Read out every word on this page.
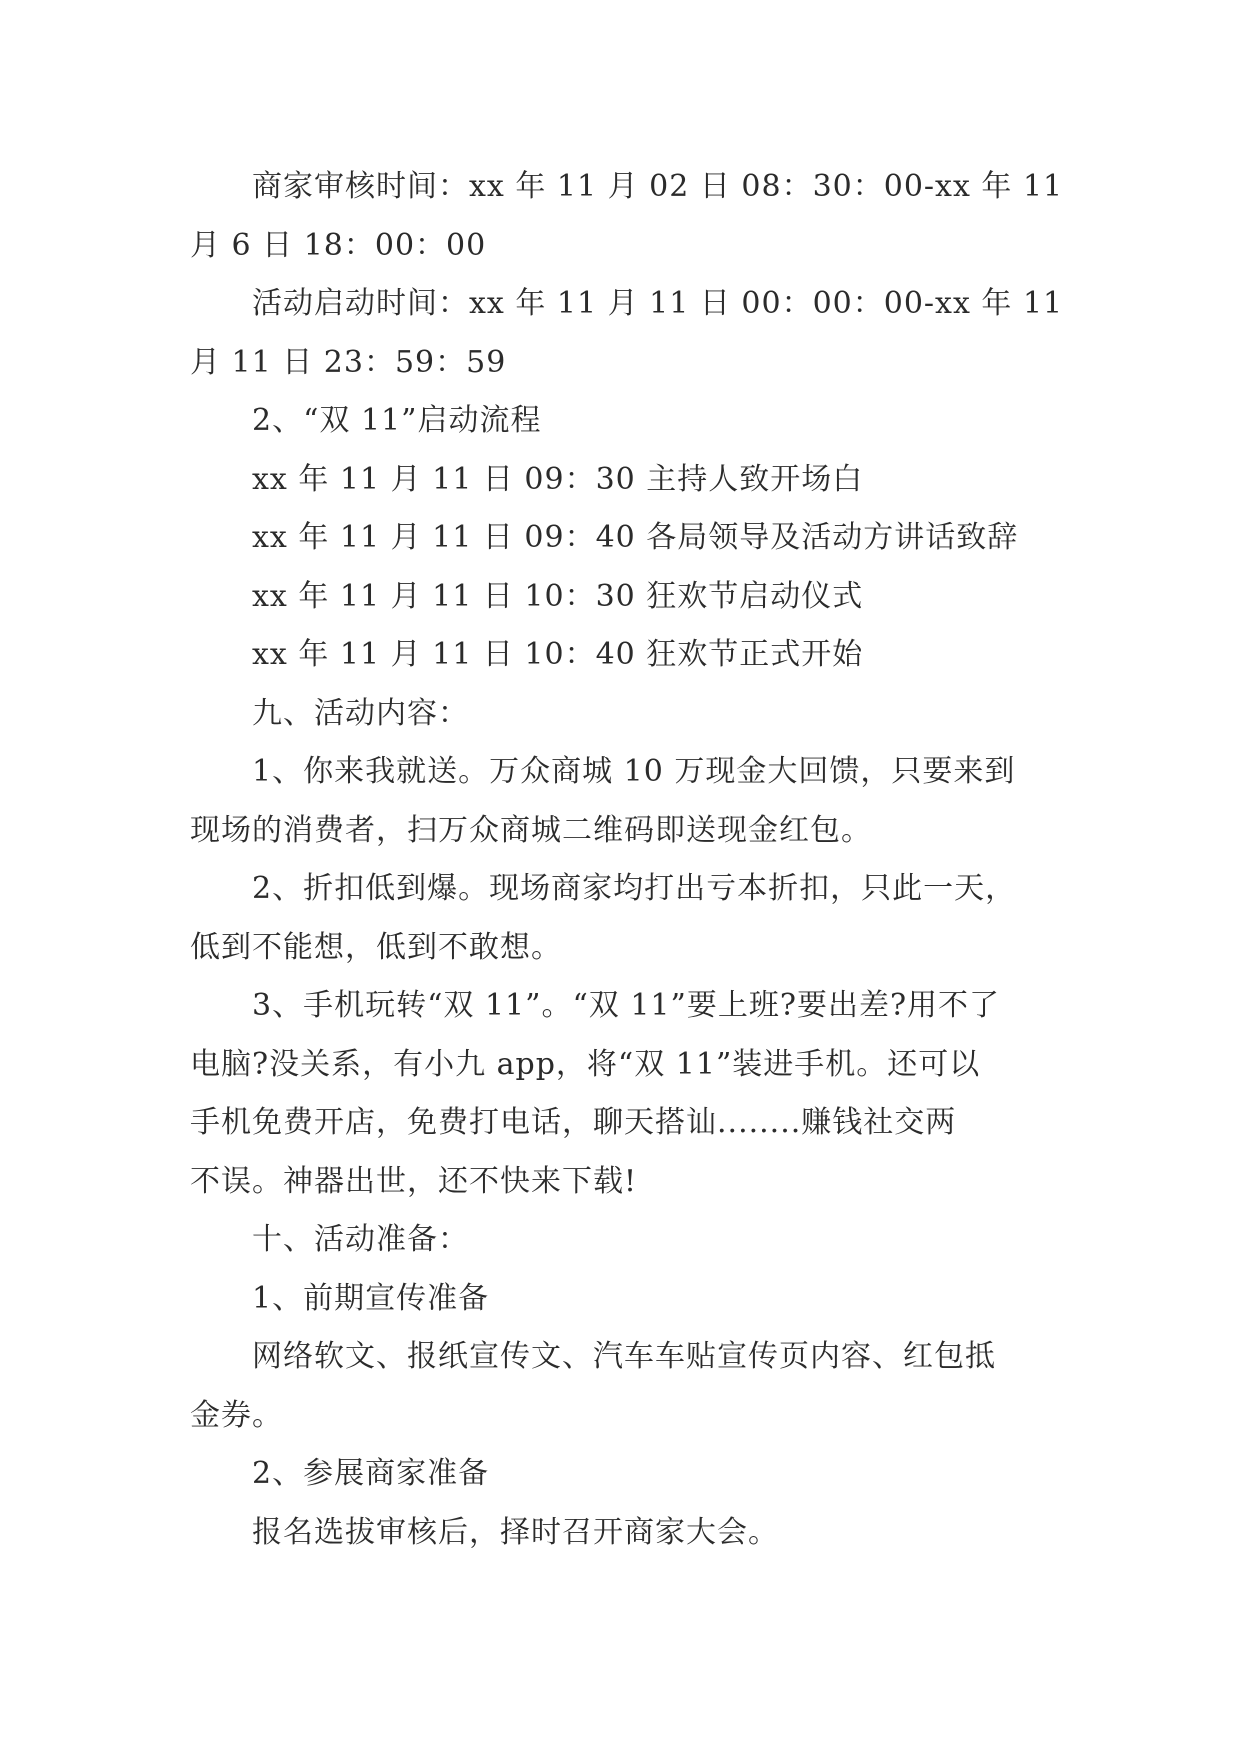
商家审核时间：xx 年 11 月 02 日 08：30：00-xx 年 11
月 6 日 18：00：00
活动启动时间：xx 年 11 月 11 日 00：00：00-xx 年 11
月 11 日 23：59：59
2、“双 11”启动流程
xx 年 11 月 11 日 09：30 主持人致开场白
xx 年 11 月 11 日 09：40 各局领导及活动方讲话致辞
xx 年 11 月 11 日 10：30 狂欢节启动仪式
xx 年 11 月 11 日 10：40 狂欢节正式开始
九、活动内容：
1、你来我就送。万众商城 10 万现金大回馈，只要来到
现场的消费者，扫万众商城二维码即送现金红包。
2、折扣低到爆。现场商家均打出亏本折扣，只此一天，
低到不能想，低到不敢想。
3、手机玩转“双 11”。“双 11”要上班?要出差?用不了
电脑?没关系，有小九 app，将“双 11”装进手机。还可以
手机免费开店，免费打电话，聊天搭讪........赚钱社交两
不误。神器出世，还不快来下载!
十、活动准备：
1、前期宣传准备
网络软文、报纸宣传文、汽车车贴宣传页内容、红包抵
金券。
2、参展商家准备
报名选拔审核后，择时召开商家大会。
